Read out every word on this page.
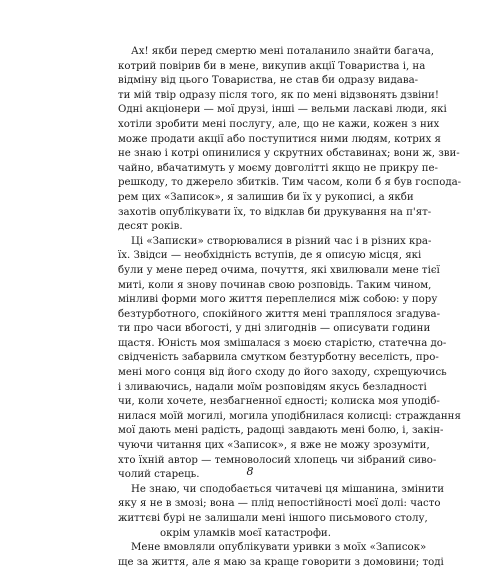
Ах! якби перед смертю мені поталанило знайти багача,
котрий повірив би в мене, викупив акції Товариства і, на
відміну від цього Товариства, не став би одразу видава-
ти мій твір одразу після того, як по мені відзвонять дзвіни!
Одні акціонери — мої друзі, інші — вельми ласкаві люди, які
хотіли зробити мені послугу, але, що не кажи, кожен з них
може продати акції або поступитися ними людям, котрих я
не знаю і котрі опинилися у скрутних обставинах; вони ж, зви-
чайно, вбачатимуть у моєму довголітті якщо не прикру пе-
решкоду, то джерело збитків. Тим часом, коли б я був господа-
рем цих «Записок», я залишив би їх у рукописі, а якби
захотів опублікувати їх, то відклав би друкування на п'ят-
десят років.
Ці «Записки» створювалися в різний час і в різних кра-
їх. Звідси — необхідність вступів, де я описую місця, які
були у мене перед очима, почуття, які хвилювали мене тієї
миті, коли я знову починав свою розповідь. Таким чином,
мінливі форми мого життя переплелися між собою: у пору
безтурботного, спокійного життя мені траплялося згадува-
ти про часи вбогості, у дні злигоднів — описувати години
щастя. Юність моя змішалася з моєю старістю, статечна до-
свідченість забарвила смутком безтурботну веселість, про-
мені мого сонця від його сходу до його заходу, схрещуючись
і зливаючись, надали моїм розповідям якусь безладності
чи, коли хочете, незбагненної єдності; колиска моя уподіб-
нилася моїй могилі, могила уподібнилася колисці: страждання
мої дають мені радість, радощі завдають мені болю, і, закін-
чуючи читання цих «Записок», я вже не можу зрозуміти,
хто їхній автор — темноволосий хлопець чи зібраний сиво-
чолий старець.
Не знаю, чи сподобається читачеві ця мішанина, змінити
яку я не в змозі; вона — плід непостійності моєї долі: часто
життєві бурі не залишали мені іншого письмового столу,
окрім уламків моєї катастрофи.
Мене вмовляли опублікувати уривки з моїх «Записок»
ще за життя, але я маю за краще говорити з домовини; тоді
8
